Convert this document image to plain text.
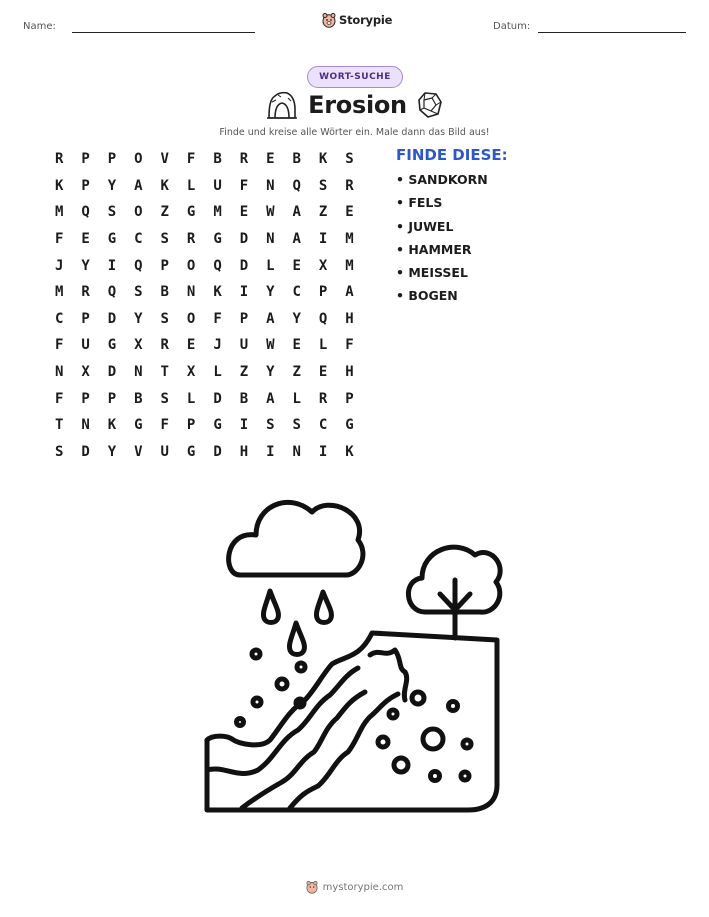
Name:	Storypie	Datum:
WORT-SUCHE
Erosion
Finde und kreise alle Wörter ein. Male dann das Bild aus!
R	P	P	O	V	F	B	R	E	B	K	S
K	P	Y	A	K	L	U	F	N	Q	S	R
M	Q	S	O	Z	G	M	E	W	A	Z	E
F	E	G	C	S	R	G	D	N	A	I	M
J	Y	I	Q	P	O	Q	D	L	E	X	M
M	R	Q	S	B	N	K	I	Y	C	P	A
C	P	D	Y	S	O	F	P	A	Y	Q	H
F	U	G	X	R	E	J	U	W	E	L	F
N	X	D	N	T	X	L	Z	Y	Z	E	H
F	P	P	B	S	L	D	B	A	L	R	P
T	N	K	G	F	P	G	I	S	S	C	G
S	D	Y	V	U	G	D	H	I	N	I	K
FINDE DIESE:
• SANDKORN
• FELS
• JUWEL
• HAMMER
• MEISSEL
• BOGEN
mystorypie.com
